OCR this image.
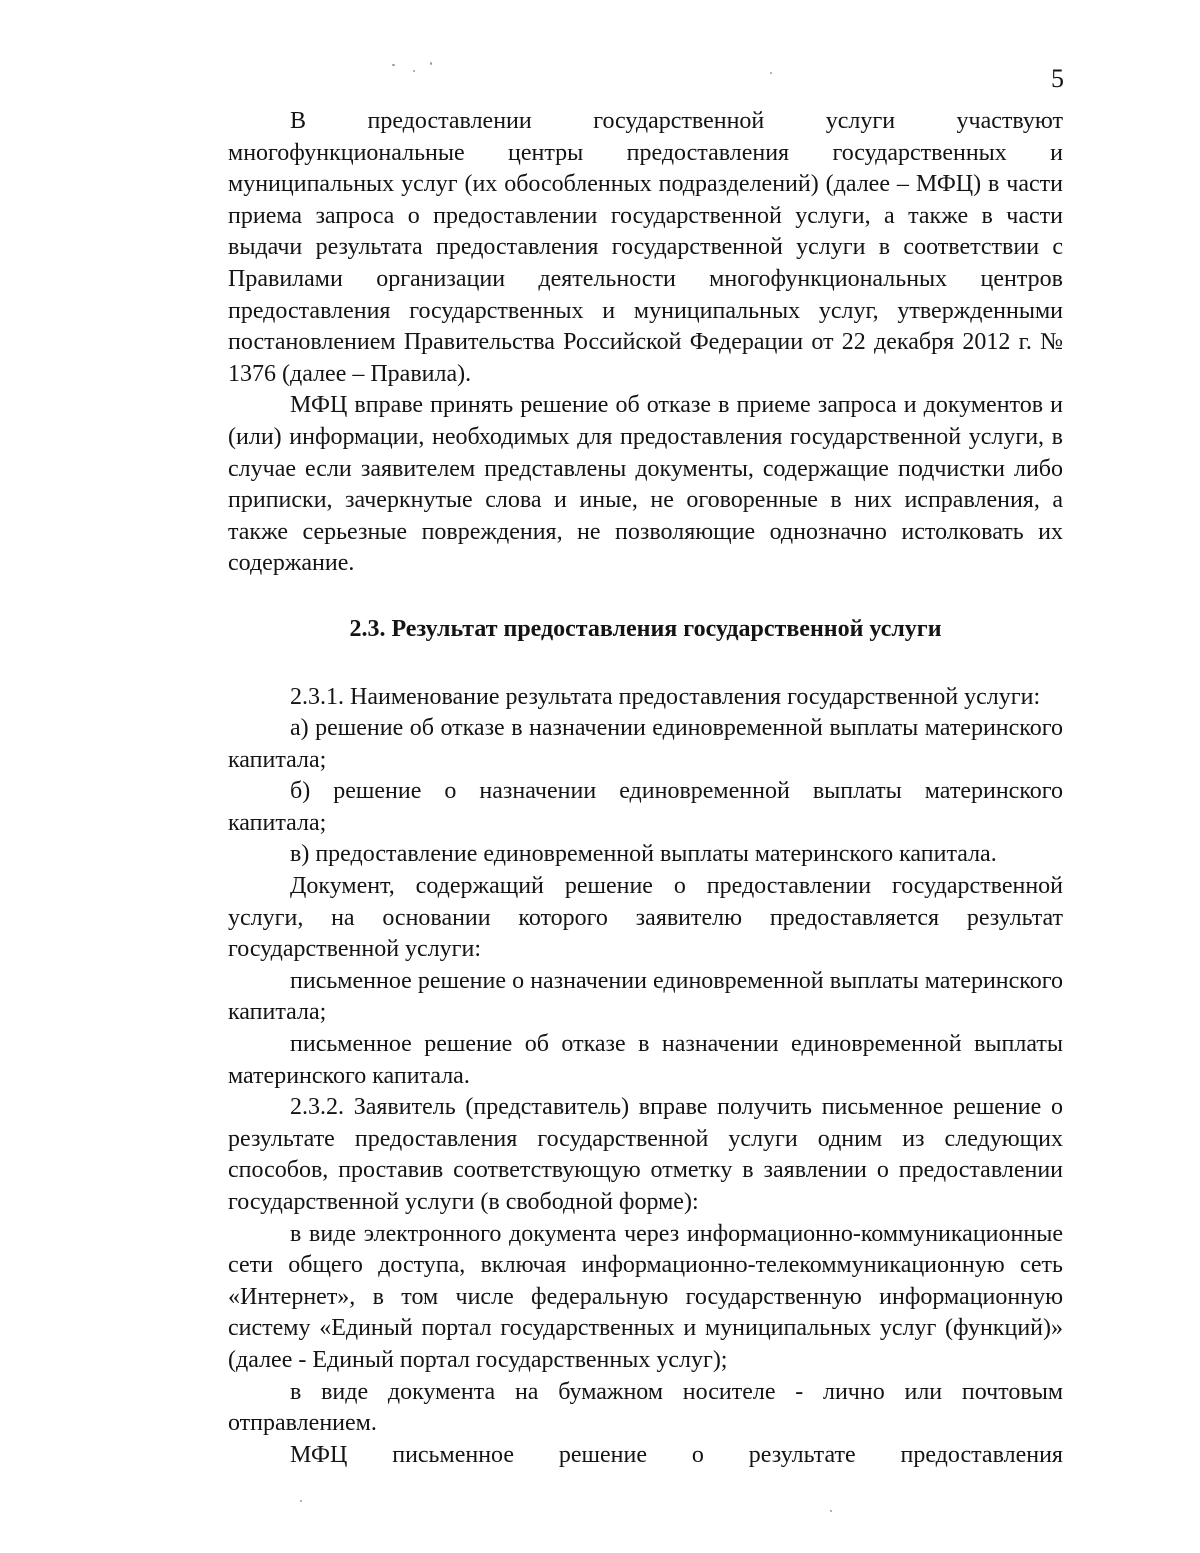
5

В предоставлении государственной услуги участвуют многофункциональные центры предоставления государственных и муниципальных услуг (их обособленных подразделений) (далее – МФЦ) в части приема запроса о предоставлении государственной услуги, а также в части выдачи результата предоставления государственной услуги в соответствии с Правилами организации деятельности многофункциональных центров предоставления государственных и муниципальных услуг, утвержденными постановлением Правительства Российской Федерации от 22 декабря 2012 г. № 1376 (далее – Правила).

МФЦ вправе принять решение об отказе в приеме запроса и документов и (или) информации, необходимых для предоставления государственной услуги, в случае если заявителем представлены документы, содержащие подчистки либо приписки, зачеркнутые слова и иные, не оговоренные в них исправления, а также серьезные повреждения, не позволяющие однозначно истолковать их содержание.

2.3. Результат предоставления государственной услуги

2.3.1. Наименование результата предоставления государственной услуги:

а) решение об отказе в назначении единовременной выплаты материнского капитала;

б) решение о назначении единовременной выплаты материнского капитала;

в) предоставление единовременной выплаты материнского капитала.

Документ, содержащий решение о предоставлении государственной услуги, на основании которого заявителю предоставляется результат государственной услуги:

письменное решение о назначении единовременной выплаты материнского капитала;

письменное решение об отказе в назначении единовременной выплаты материнского капитала.

2.3.2. Заявитель (представитель) вправе получить письменное решение о результате предоставления государственной услуги одним из следующих способов, проставив соответствующую отметку в заявлении о предоставлении государственной услуги (в свободной форме):

в виде электронного документа через информационно-коммуникационные сети общего доступа, включая информационно-телекоммуникационную сеть «Интернет», в том числе федеральную государственную информационную систему «Единый портал государственных и муниципальных услуг (функций)» (далее - Единый портал государственных услуг);

в виде документа на бумажном носителе - лично или почтовым отправлением.

МФЦ письменное решение о результате предоставления
